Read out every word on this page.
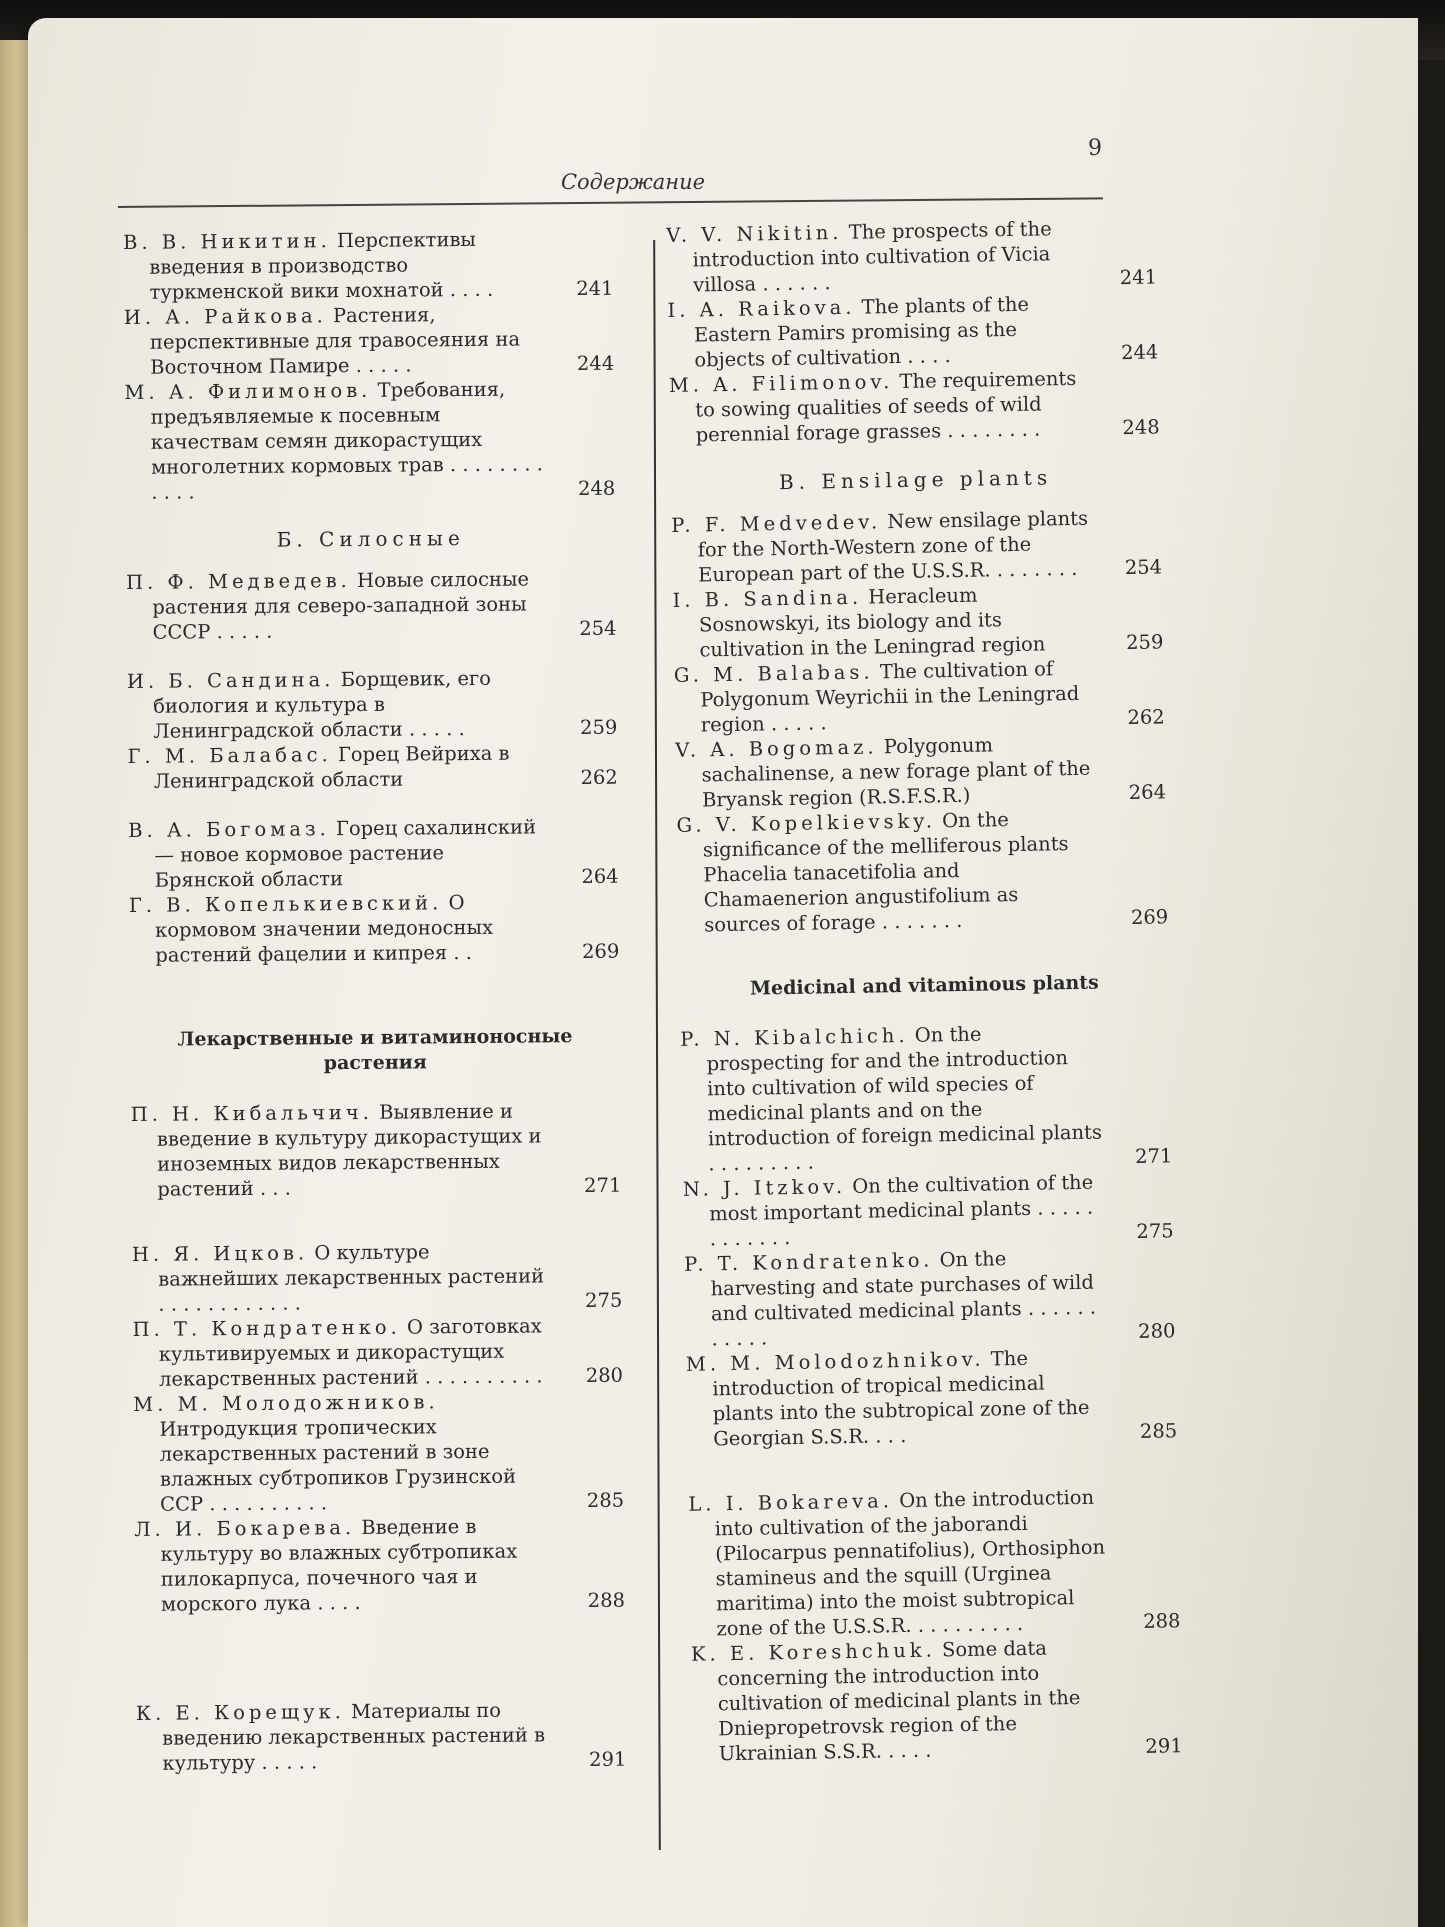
9
Содержание
В. В. Никитин. Перспективы введения в производство туркменской вики мохнатой . . . .	241
И. А. Райкова. Растения, перспективные для травосеяния на Восточном Памире . . . . .	244
М. А. Филимонов. Требования, предъявляемые к посевным качествам семян дикорастущих многолетних кормовых трав . . . . . . . . . . . .	248
Б. Силосные
П. Ф. Медведев. Новые силосные растения для северо-западной зоны СССР . . . . .	254
И. Б. Сандина. Борщевик, его биология и культура в Ленинградской области . . . . .	259
Г. М. Балабас. Горец Вейриха в Ленинградской области	262
В. А. Богомаз. Горец сахалинский — новое кормовое растение Брянской области	264
Г. В. Копелькиевский. О кормовом значении медоносных растений фацелии и кипрея . .	269
Лекарственные и витаминоносные растения
П. Н. Кибальчич. Выявление и введение в культуру дикорастущих и иноземных видов лекарственных растений . . .	271
Н. Я. Ицков. О культуре важнейших лекарственных растений . . . . . . . . . . . .	275
П. Т. Кондратенко. О заготовках культивируемых и дикорастущих лекарственных растений . . . . . . . . . . 280
М. М. Молодожников. Интродукция тропических лекарственных растений в зоне влажных субтропиков Грузинской ССР . . . . . . . . . .	285
Л. И. Бокарева. Введение в культуру во влажных субтропиках пилокарпуса, почечного чая и морского лука . . . .	288
К. Е. Корещук. Материалы по введению лекарственных растений в культуру . . . . .	291
V. V. Nikitin. The prospects of the introduction into cultivation of Vicia villosa . . . . . .	241
I. A. Raikova. The plants of the Eastern Pamirs promising as the objects of cultivation . . . .	244
M. A. Filimonov. The requirements to sowing qualities of seeds of wild perennial forage grasses . . . . . . . .	248
B. Ensilage plants
P. F. Medvedev. New ensilage plants for the North-Western zone of the European part of the U.S.S.R. . . . . . . . 254
I. B. Sandina. Heracleum Sosnowskyi, its biology and its cultivation in the Leningrad region	259
G. M. Balabas. The cultivation of Polygonum Weyrichii in the Leningrad region . . . . .	262
V. A. Bogomaz. Polygonum sachalinense, a new forage plant of the Bryansk region (R.S.F.S.R.)	264
G. V. Kopelkievsky. On the significance of the melliferous plants Phacelia tanacetifolia and Chamaenerion angustifolium as sources of forage . . . . . . .	269
Medicinal and vitaminous plants
P. N. Kibalchich. On the prospecting for and the introduction into cultivation of wild species of medicinal plants and on the introduction of foreign medicinal plants . . . . . . . . .	271
N. J. Itzkov. On the cultivation of the most important medicinal plants . . . . . . . . . . . .	275
P. T. Kondratenko. On the harvesting and state purchases of wild and cultivated medicinal plants . . . . . . . . . . .	280
M. M. Molodozhnikov. The introduction of tropical medicinal plants into the subtropical zone of the Georgian S.S.R. . . .	285
L. I. Bokareva. On the introduction into cultivation of the jaborandi (Pilocarpus pennatifolius), Orthosiphon stamineus and the squill (Urginea maritima) into the moist subtropical zone of the U.S.S.R. . . . . . . . . .	288
K. E. Koreshchuk. Some data concerning the introduction into cultivation of medicinal plants in the Dniepropetrovsk region of the Ukrainian S.S.R. . . . .	291
